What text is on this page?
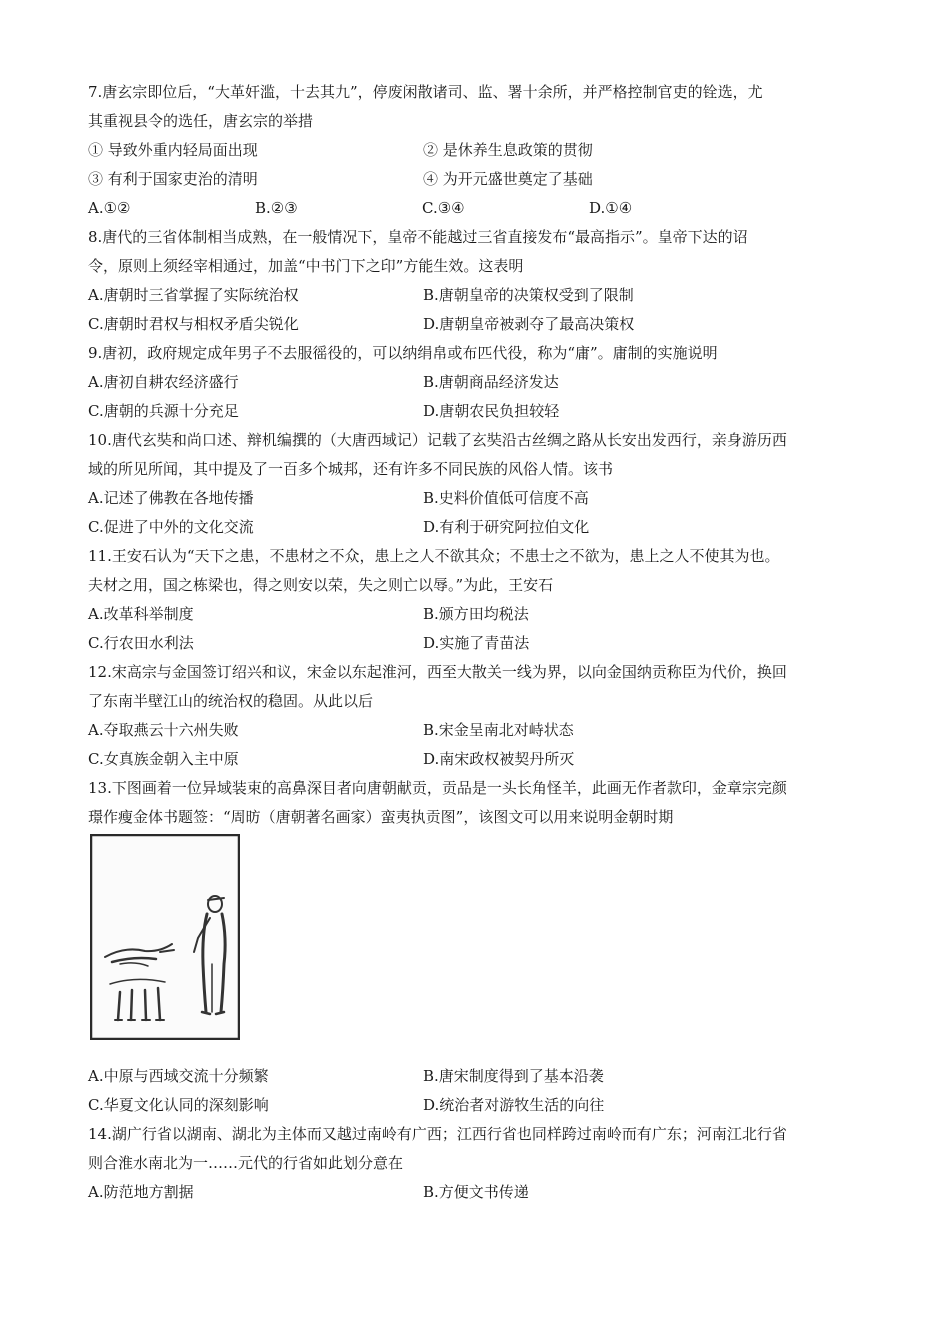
7.唐玄宗即位后，“大革奸滥，十去其九”，停废闲散诸司、监、署十余所，并严格控制官吏的铨选，尤
其重视县令的选任，唐玄宗的举措
① 导致外重内轻局面出现	② 是休养生息政策的贯彻
③ 有利于国家吏治的清明	④ 为开元盛世奠定了基础
A.①②	B.②③	C.③④	D.①④
8.唐代的三省体制相当成熟，在一般情况下，皇帝不能越过三省直接发布“最高指示”。皇帝下达的诏
令，原则上须经宰相通过，加盖“中书门下之印”方能生效。这表明
A.唐朝时三省掌握了实际统治权	B.唐朝皇帝的决策权受到了限制
C.唐朝时君权与相权矛盾尖锐化	D.唐朝皇帝被剥夺了最高决策权
9.唐初，政府规定成年男子不去服徭役的，可以纳绢帛或布匹代役，称为“庸”。庸制的实施说明
A.唐初自耕农经济盛行	B.唐朝商品经济发达
C.唐朝的兵源十分充足	D.唐朝农民负担较轻
10.唐代玄奘和尚口述、辩机编撰的（大唐西域记）记载了玄奘沿古丝绸之路从长安出发西行，亲身游历西
域的所见所闻，其中提及了一百多个城邦，还有许多不同民族的风俗人情。该书
A.记述了佛教在各地传播	B.史料价值低可信度不高
C.促进了中外的文化交流	D.有利于研究阿拉伯文化
11.王安石认为“天下之患，不患材之不众，患上之人不欲其众；不患士之不欲为，患上之人不使其为也。
夫材之用，国之栋梁也，得之则安以荣，失之则亡以辱。”为此，王安石
A.改革科举制度	B.颁方田均税法
C.行农田水利法	D.实施了青苗法
12.宋高宗与金国签订绍兴和议，宋金以东起淮河，西至大散关一线为界，以向金国纳贡称臣为代价，换回
了东南半壁江山的统治权的稳固。从此以后
A.夺取燕云十六州失败	B.宋金呈南北对峙状态
C.女真族金朝入主中原	D.南宋政权被契丹所灭
13.下图画着一位异域装束的高鼻深目者向唐朝献贡，贡品是一头长角怪羊，此画无作者款印，金章宗完颜
璟作瘦金体书题签：“周昉（唐朝著名画家）蛮夷执贡图”，该图文可以用来说明金朝时期
A.中原与西域交流十分频繁	B.唐宋制度得到了基本沿袭
C.华夏文化认同的深刻影响	D.统治者对游牧生活的向往
14.湖广行省以湖南、湖北为主体而又越过南岭有广西；江西行省也同样跨过南岭而有广东；河南江北行省
则合淮水南北为一……元代的行省如此划分意在
A.防范地方割据	B.方便文书传递
